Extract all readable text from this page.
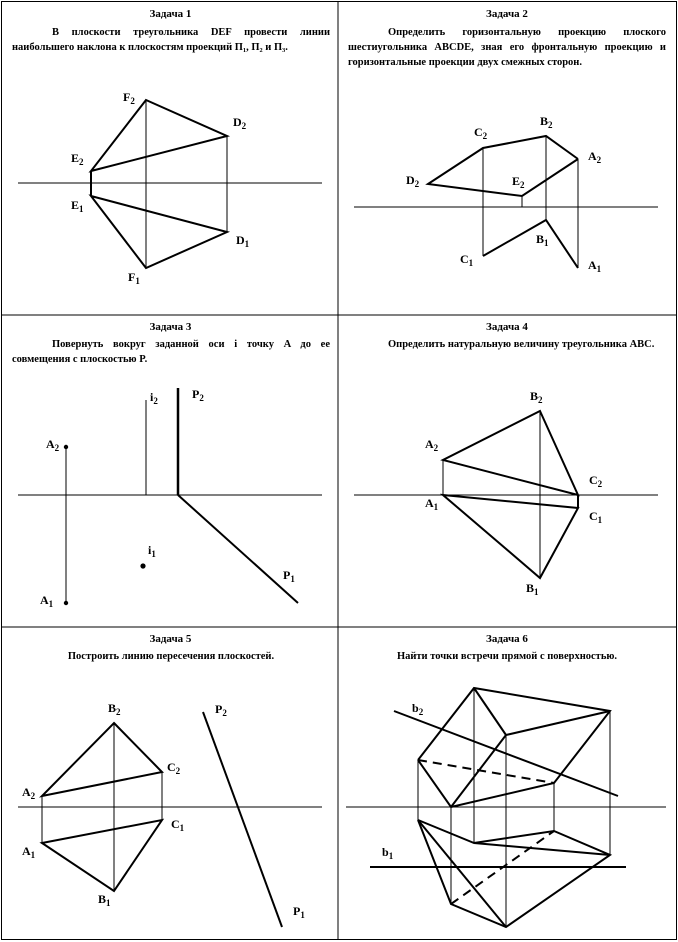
Задача 1
В плоскости треугольника DEF провести линии наибольшего наклона к плоскостям проекций П₁, П₂ и П₃.
Задача 2
Определить горизонтальную проекцию плоского шестиугольника ABCDE, зная его фронтальную проекцию и горизонтальные проекции двух смежных сторон.
Задача 3
Повернуть вокруг заданной оси i точку A до ее совмещения с плоскостью P.
Задача 4
Определить натуральную величину треугольника ABC.
Задача 5
Построить линию пересечения плоскостей.
Задача 6
Найти точки встречи прямой с поверхностью.
$F_2$
$D_2$
$E_2$
$E_1$
$D_1$
$F_1$
$B_2$
$C_2$
$A_2$
$D_2$	$E_2$
$B_1$
$C_1$	$A_1$
$i_2$	$P_2$
$A_2$
$i_1$
$P_1$
$A_1$
$B_2$
$A_2$
$C_2$
$A_1$
$C_1$
$B_1$
$B_2$	$P_2$
$C_2$
$A_2$
$C_1$
$A_1$
$B_1$
$P_1$
$b_2$
$b_1$
